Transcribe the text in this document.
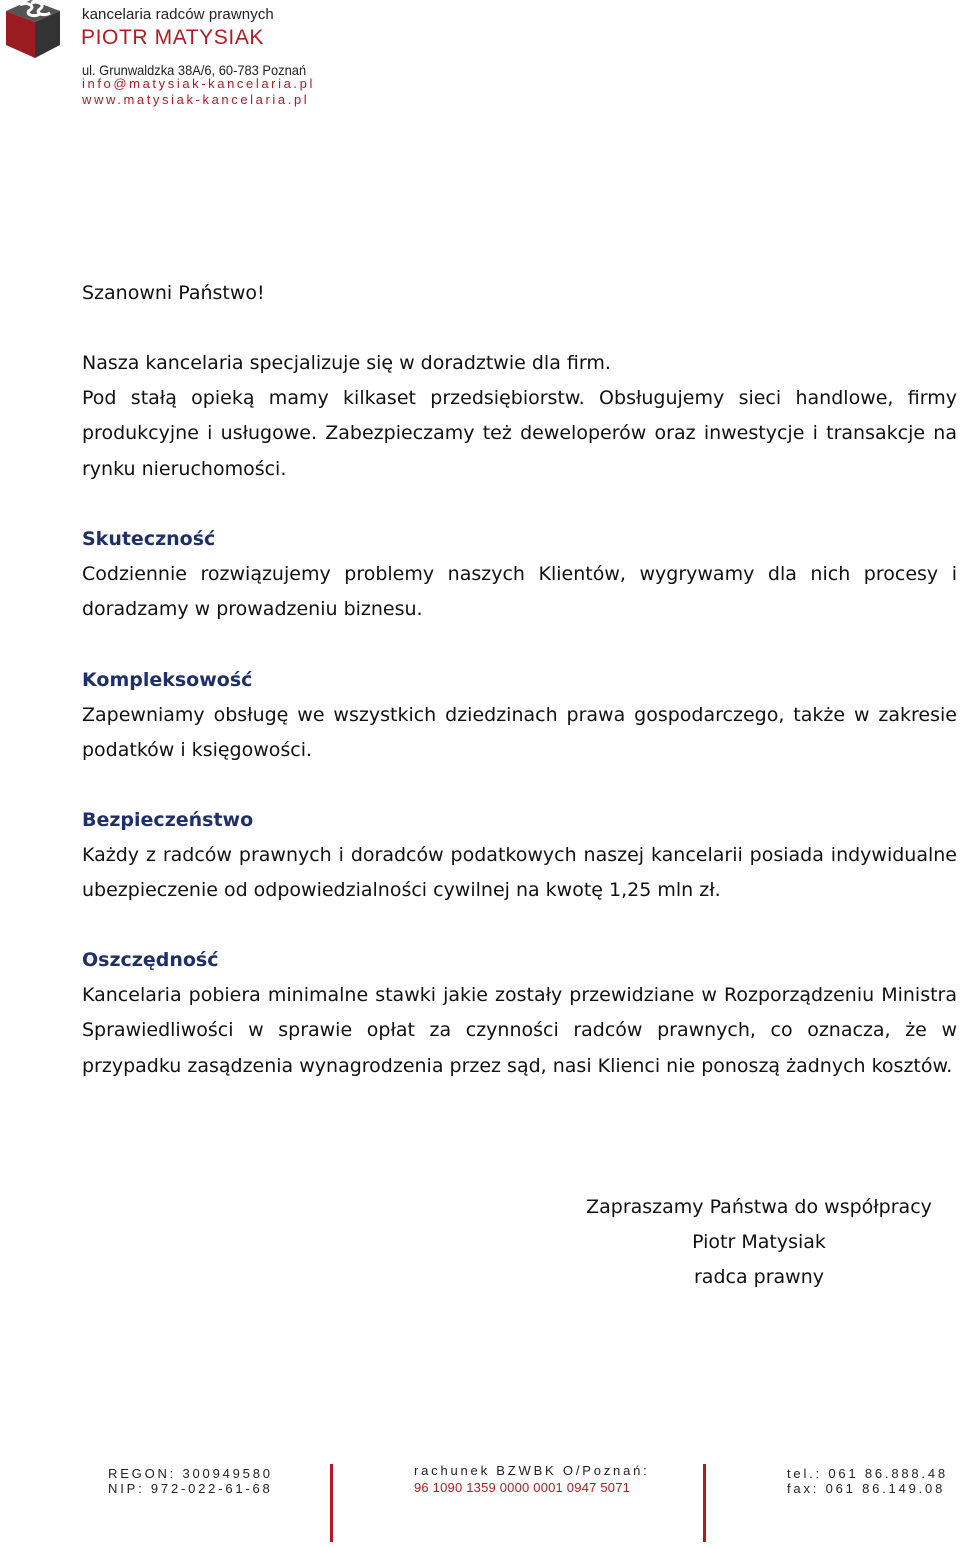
kancelaria radców prawnych
PIOTR MATYSIAK
ul. Grunwaldzka 38A/6, 60-783 Poznań
info@matysiak-kancelaria.pl
www.matysiak-kancelaria.pl
Szanowni Państwo!
Nasza kancelaria specjalizuje się w doradztwie dla firm.
Pod stałą opieką mamy kilkaset przedsiębiorstw. Obsługujemy sieci handlowe, firmy produkcyjne i usługowe. Zabezpieczamy też deweloperów oraz inwestycje i transakcje na rynku nieruchomości.
Skuteczność
Codziennie rozwiązujemy problemy naszych Klientów, wygrywamy dla nich procesy i doradzamy w prowadzeniu biznesu.
Kompleksowość
Zapewniamy obsługę we wszystkich dziedzinach prawa gospodarczego, także w zakresie podatków i księgowości.
Bezpieczeństwo
Każdy z radców prawnych i doradców podatkowych naszej kancelarii posiada indywidualne ubezpieczenie od odpowiedzialności cywilnej na kwotę 1,25 mln zł.
Oszczędność
Kancelaria pobiera minimalne stawki jakie zostały przewidziane w Rozporządzeniu Ministra Sprawiedliwości w sprawie opłat za czynności radców prawnych, co oznacza, że w przypadku zasądzenia wynagrodzenia przez sąd, nasi Klienci nie ponoszą żadnych kosztów.
Zapraszamy Państwa do współpracy
Piotr Matysiak
radca prawny
REGON: 300949580
NIP: 972-022-61-68
rachunek BZWBK O/Poznań:
96 1090 1359 0000 0001 0947 5071
tel.: 061 86.888.48
fax: 061 86.149.08
